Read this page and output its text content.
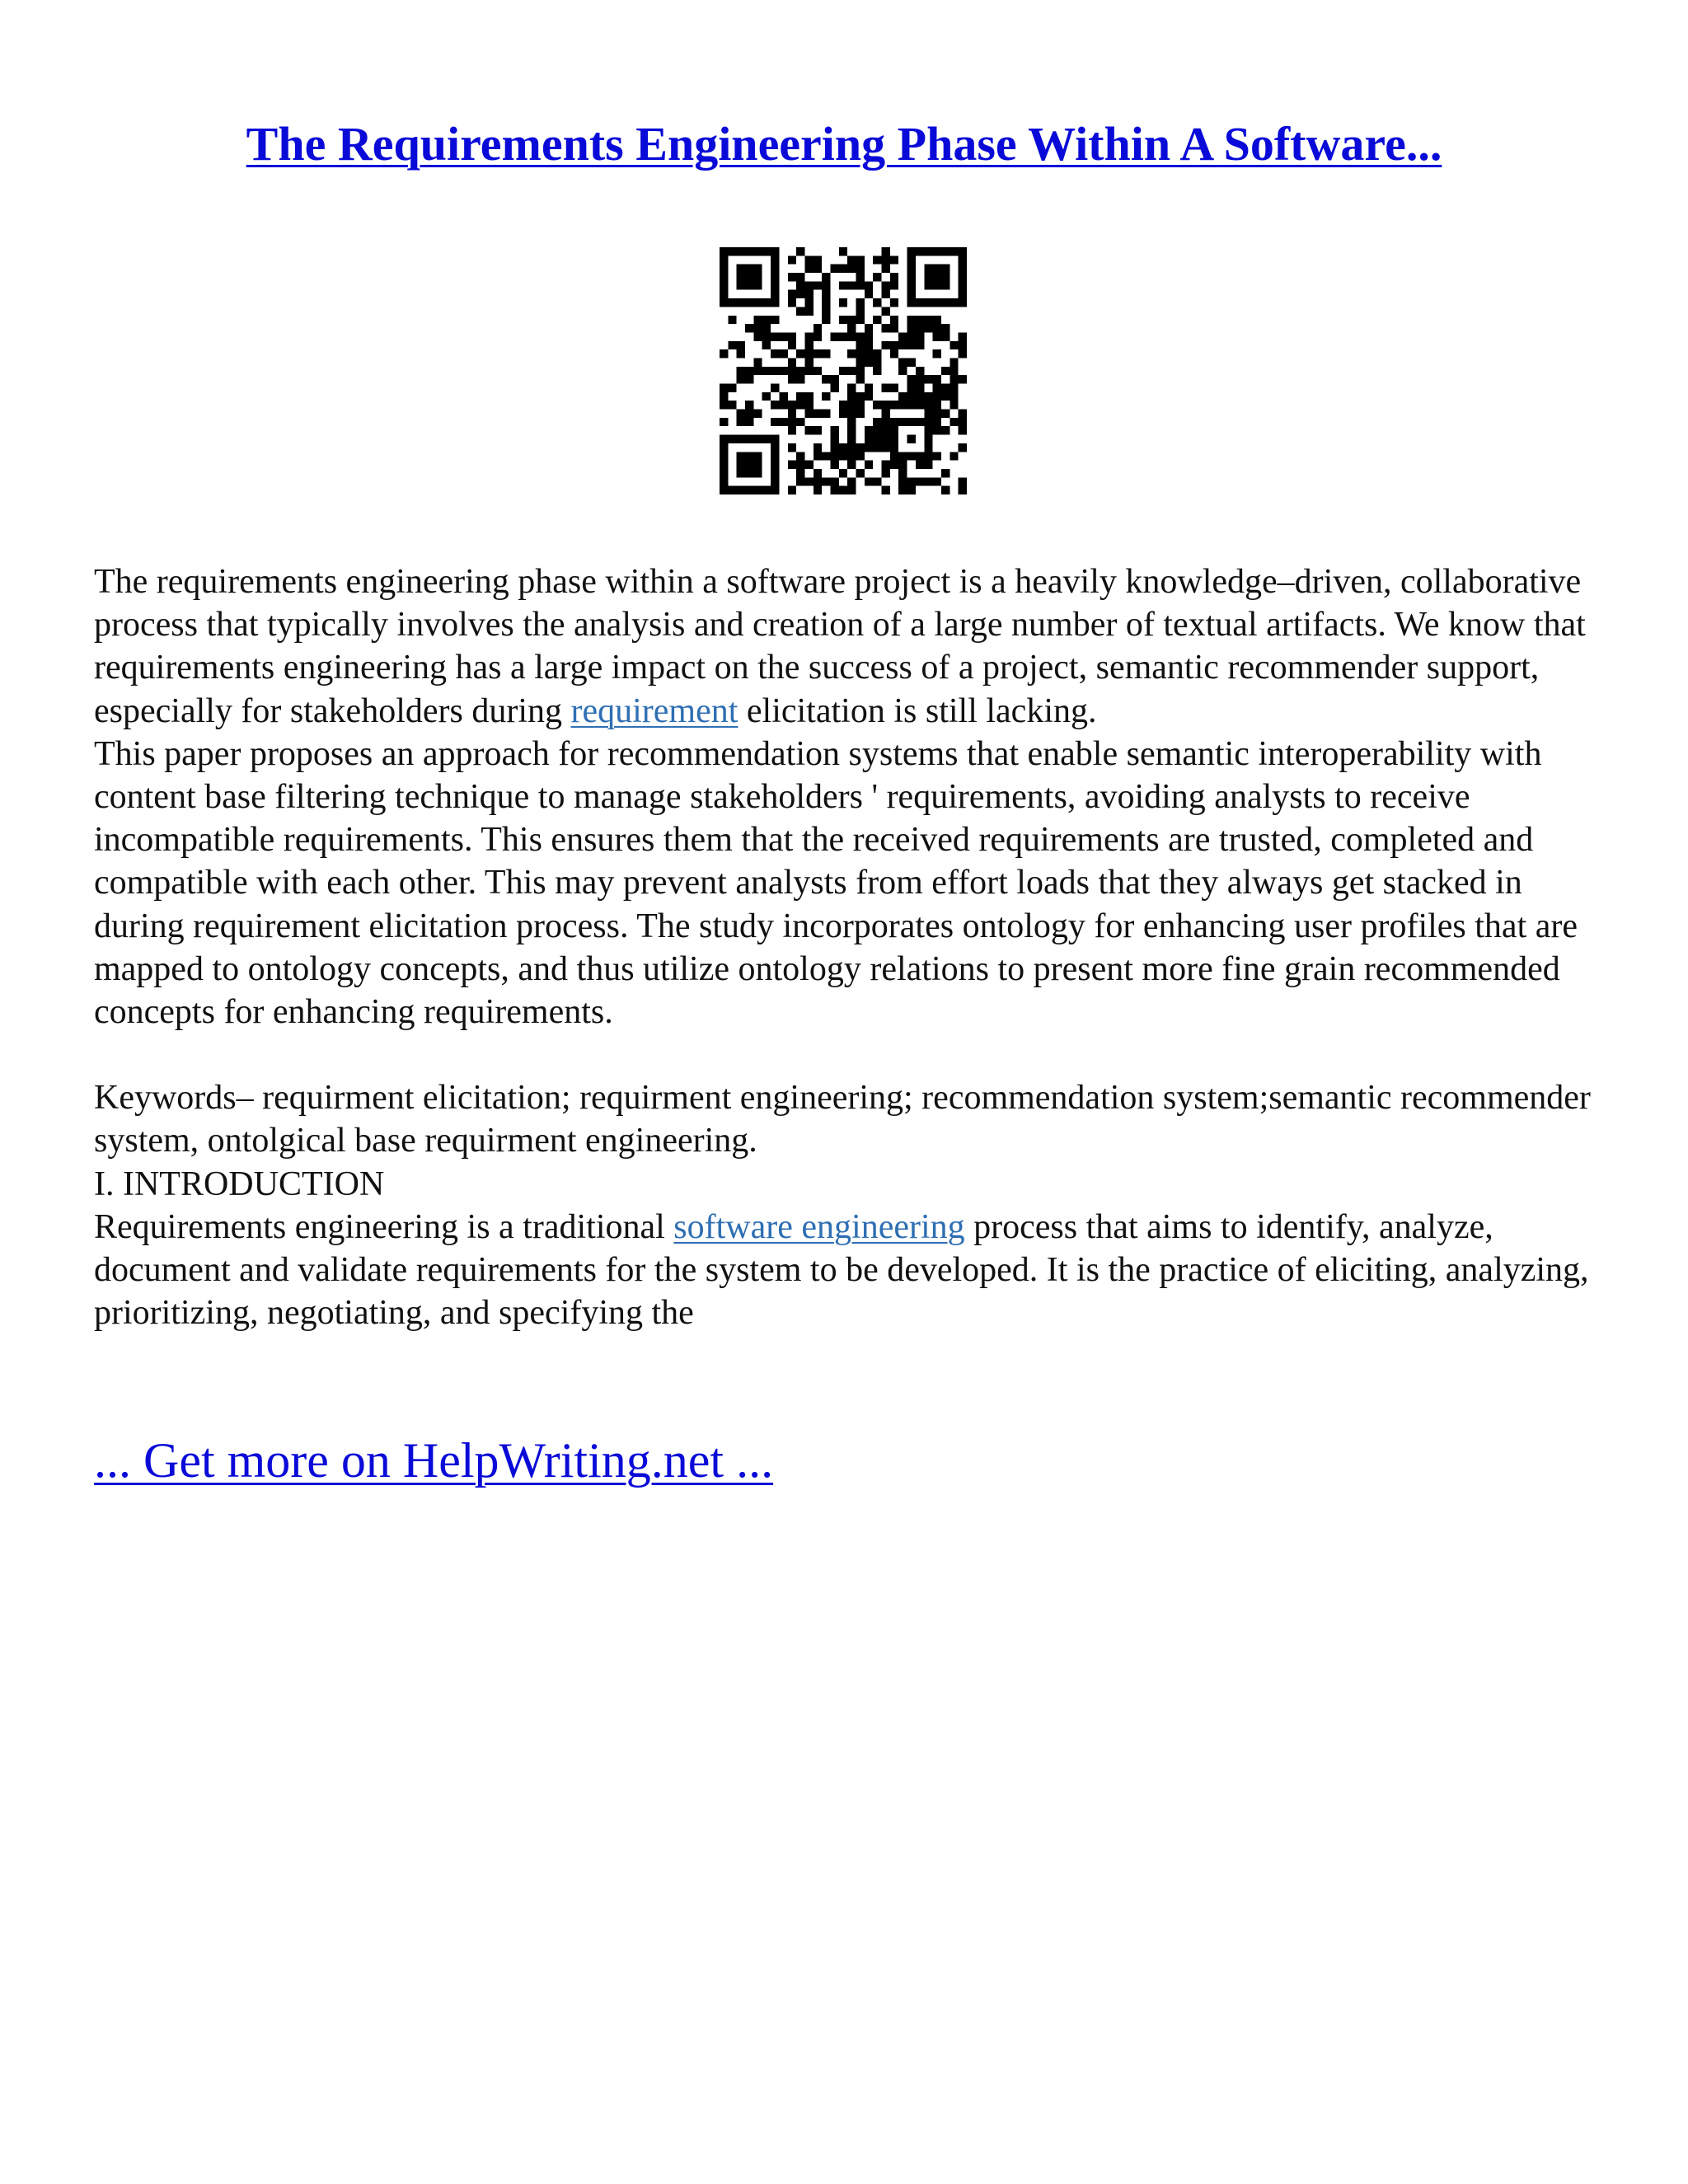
The Requirements Engineering Phase Within A Software...

The requirements engineering phase within a software project is a heavily knowledge–driven, collaborative process that typically involves the analysis and creation of a large number of textual artifacts. We know that requirements engineering has a large impact on the success of a project, semantic recommender support, especially for stakeholders during requirement elicitation is still lacking.

This paper proposes an approach for recommendation systems that enable semantic interoperability with content base filtering technique to manage stakeholders ' requirements, avoiding analysts to receive incompatible requirements. This ensures them that the received requirements are trusted, completed and compatible with each other. This may prevent analysts from effort loads that they always get stacked in during requirement elicitation process. The study incorporates ontology for enhancing user profiles that are mapped to ontology concepts, and thus utilize ontology relations to present more fine grain recommended concepts for enhancing requirements.

Keywords– requirment elicitation; requirment engineering; recommendation system;semantic recommender system, ontolgical base requirment engineering.

I. INTRODUCTION

Requirements engineering is a traditional software engineering process that aims to identify, analyze, document and validate requirements for the system to be developed. It is the practice of eliciting, analyzing, prioritizing, negotiating, and specifying the

... Get more on HelpWriting.net ...
